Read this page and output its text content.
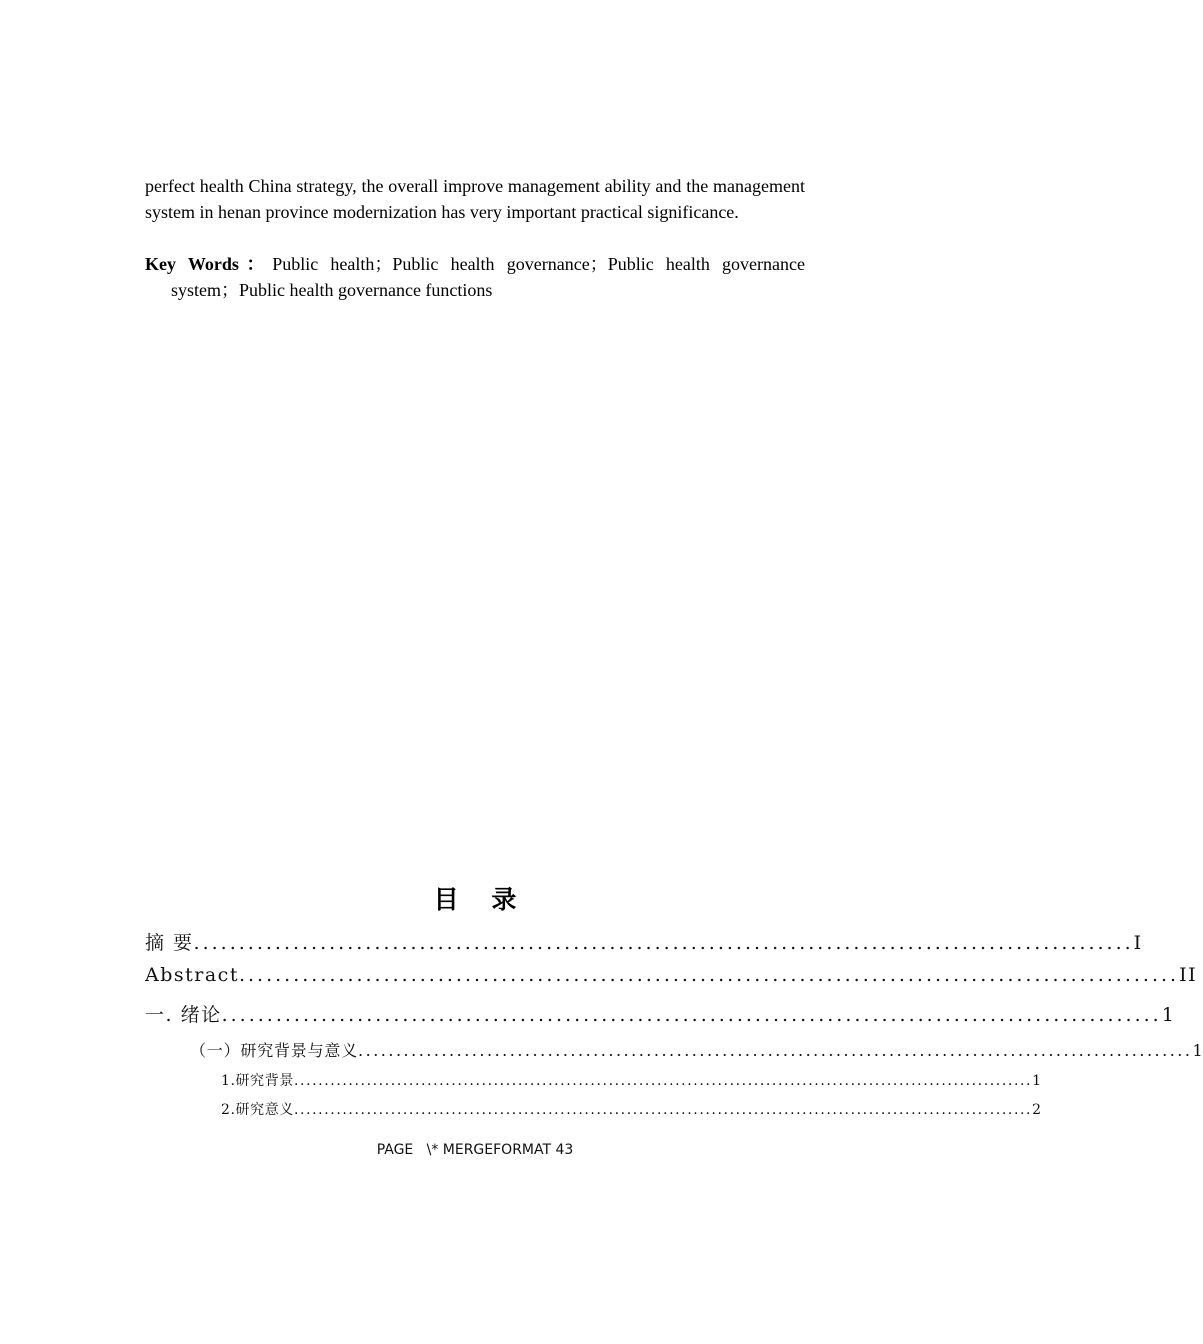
perfect health China strategy, the overall improve management ability and the management system in henan province modernization has very important practical significance.

Key Words：Public health；Public health governance；Public health governance system；Public health governance functions

目 录
摘 要 ........................................................................................................ I
Abstract ........................................................................................................ II
一. 绪论 ........................................................................................................ 1
（一）研究背景与意义 .............................................................................................................. 1
1.研究背景 .......................................................................................................................... 1
2.研究意义 .......................................................................................................................... 2
PAGE   \* MERGEFORMAT 43
